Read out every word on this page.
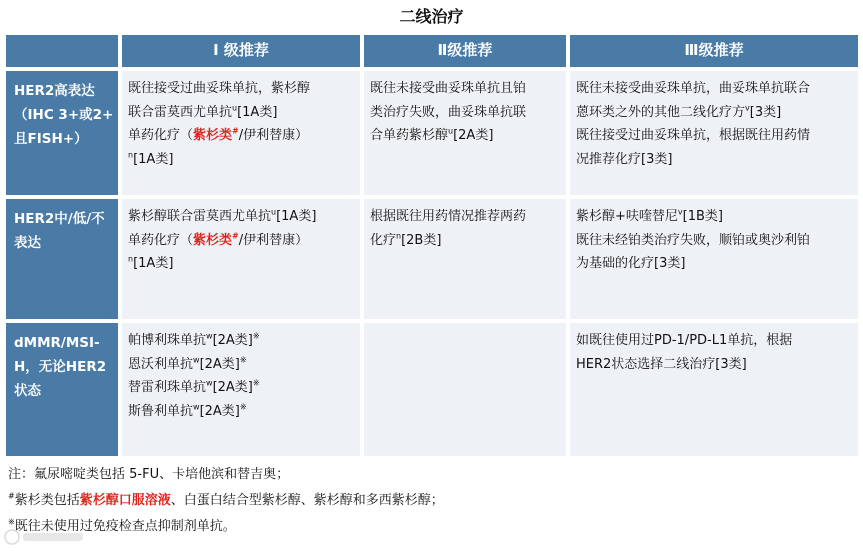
二线治疗
Ⅰ 级推荐	Ⅱ级推荐	Ⅲ级推荐
HER2高表达
（IHC 3+或2+
且FISH+）
既往接受过曲妥珠单抗，紫杉醇
联合雷莫西尤单抗$^u$[1A类]
单药化疗（紫杉类#/伊利替康）
$^n$[1A类]
既往未接受曲妥珠单抗且铂
类治疗失败，曲妥珠单抗联
合单药紫杉醇$^u$[2A类]
既往未接受曲妥珠单抗，曲妥珠单抗联合
蒽环类之外的其他二线化疗方$^v$[3类]
既往接受过曲妥珠单抗，根据既往用药情
况推荐化疗[3类]
HER2中/低/不
表达
紫杉醇联合雷莫西尤单抗$^u$[1A类]
单药化疗（紫杉类#/伊利替康）
$^n$[1A类]
根据既往用药情况推荐两药
化疗$^n$[2B类]
紫杉醇+呋喹替尼$^v$[1B类]
既往未经铂类治疗失败，顺铂或奥沙利铂
为基础的化疗[3类]
dMMR/MSI-
H，无论HER2
状态
帕博利珠单抗$^w$[2A类]※
恩沃利单抗$^w$[2A类]※
替雷利珠单抗$^w$[2A类]※
斯鲁利单抗$^w$[2A类]※
如既往使用过PD-1/PD-L1单抗，根据
HER2状态选择二线治疗[3类]
注：氟尿嘧啶类包括 5-FU、卡培他滨和替吉奥；
#紫杉类包括紫杉醇口服溶液、白蛋白结合型紫杉醇、紫杉醇和多西紫杉醇；
※既往未使用过免疫检查点抑制剂单抗。
